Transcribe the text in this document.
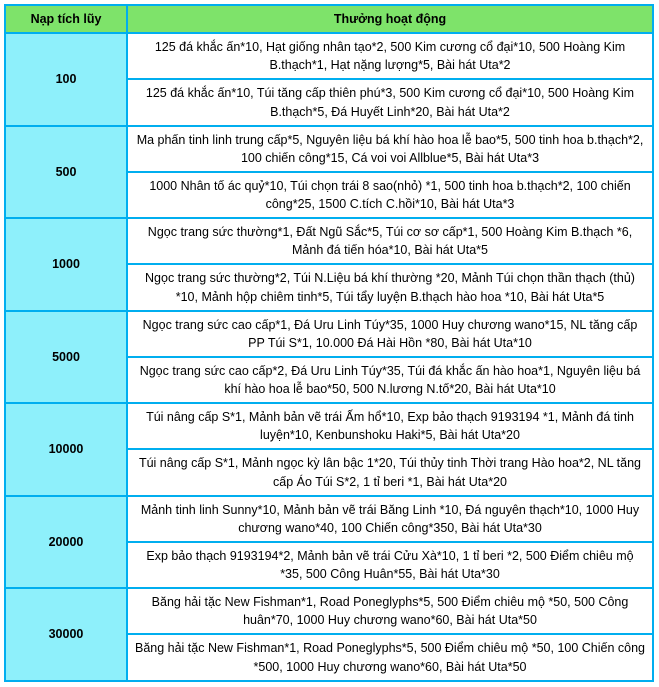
Nạp tích lũy	Thưởng hoạt động
100	125 đá khắc ấn*10, Hạt giống nhân tạo*2, 500 Kim cương cổ đại*10, 500 Hoàng Kim B.thạch*1, Hạt nặng lượng*5, Bài hát Uta*2
	125 đá khắc ấn*10, Túi tăng cấp thiên phú*3, 500 Kim cương cổ đại*10, 500 Hoàng Kim B.thạch*5, Đá Huyết Linh*20, Bài hát Uta*2
500	Ma phấn tinh linh trung cấp*5, Nguyên liệu bá khí hào hoa lễ bao*5, 500 tinh hoa b.thạch*2, 100 chiến công*15, Cá voi voi Allblue*5, Bài hát Uta*3
	1000 Nhân tố ác quỷ*10, Túi chọn trái 8 sao(nhỏ) *1, 500 tinh hoa b.thạch*2, 100 chiến công*25, 1500 C.tích C.hồi*10, Bài hát Uta*3
1000	Ngọc trang sức thường*1, Đất Ngũ Sắc*5, Túi cơ sơ cấp*1, 500 Hoàng Kim B.thạch *6, Mảnh đá tiến hóa*10, Bài hát Uta*5
	Ngọc trang sức thường*2, Túi N.Liệu bá khí thường *20, Mảnh Túi chọn thần thạch (thủ) *10, Mảnh hộp chiêm tinh*5, Túi tẩy luyện B.thạch hào hoa *10, Bài hát Uta*5
5000	Ngọc trang sức cao cấp*1, Đá Uru Linh Túy*35, 1000 Huy chương wano*15, NL tăng cấp PP Túi S*1, 10.000 Đá Hài Hồn *80, Bài hát Uta*10
	Ngọc trang sức cao cấp*2, Đá Uru Linh Túy*35, Túi đá khắc ấn hào hoa*1, Nguyên liệu bá khí hào hoa lễ bao*50, 500 N.lương N.tố*20, Bài hát Uta*10
10000	Túi nâng cấp S*1, Mảnh bản vẽ trái Ấm hổ*10, Exp bảo thạch 9193194 *1, Mảnh đá tinh luyện*10, Kenbunshoku Haki*5, Bài hát Uta*20
	Túi nâng cấp S*1, Mảnh ngọc kỳ lân bậc 1*20, Túi thủy tinh Thời trang Hào hoa*2, NL tăng cấp Áo Túi S*2, 1 tỉ beri *1, Bài hát Uta*20
20000	Mảnh tinh linh Sunny*10, Mảnh bản vẽ trái Băng Linh *10, Đá nguyên thạch*10, 1000 Huy chương wano*40, 100 Chiến công*350, Bài hát Uta*30
	Exp bảo thạch 9193194*2, Mảnh bản vẽ trái Cửu Xà*10, 1 tỉ beri *2, 500 Điểm chiêu mộ *35, 500 Công Huân*55, Bài hát Uta*30
30000	Băng hải tặc New Fishman*1, Road Poneglyphs*5, 500 Điểm chiêu mộ *50, 500 Công huân*70, 1000 Huy chương wano*60, Bài hát Uta*50
	Băng hải tặc New Fishman*1, Road Poneglyphs*5, 500 Điểm chiêu mộ *50, 100 Chiến công *500, 1000 Huy chương wano*60, Bài hát Uta*50
